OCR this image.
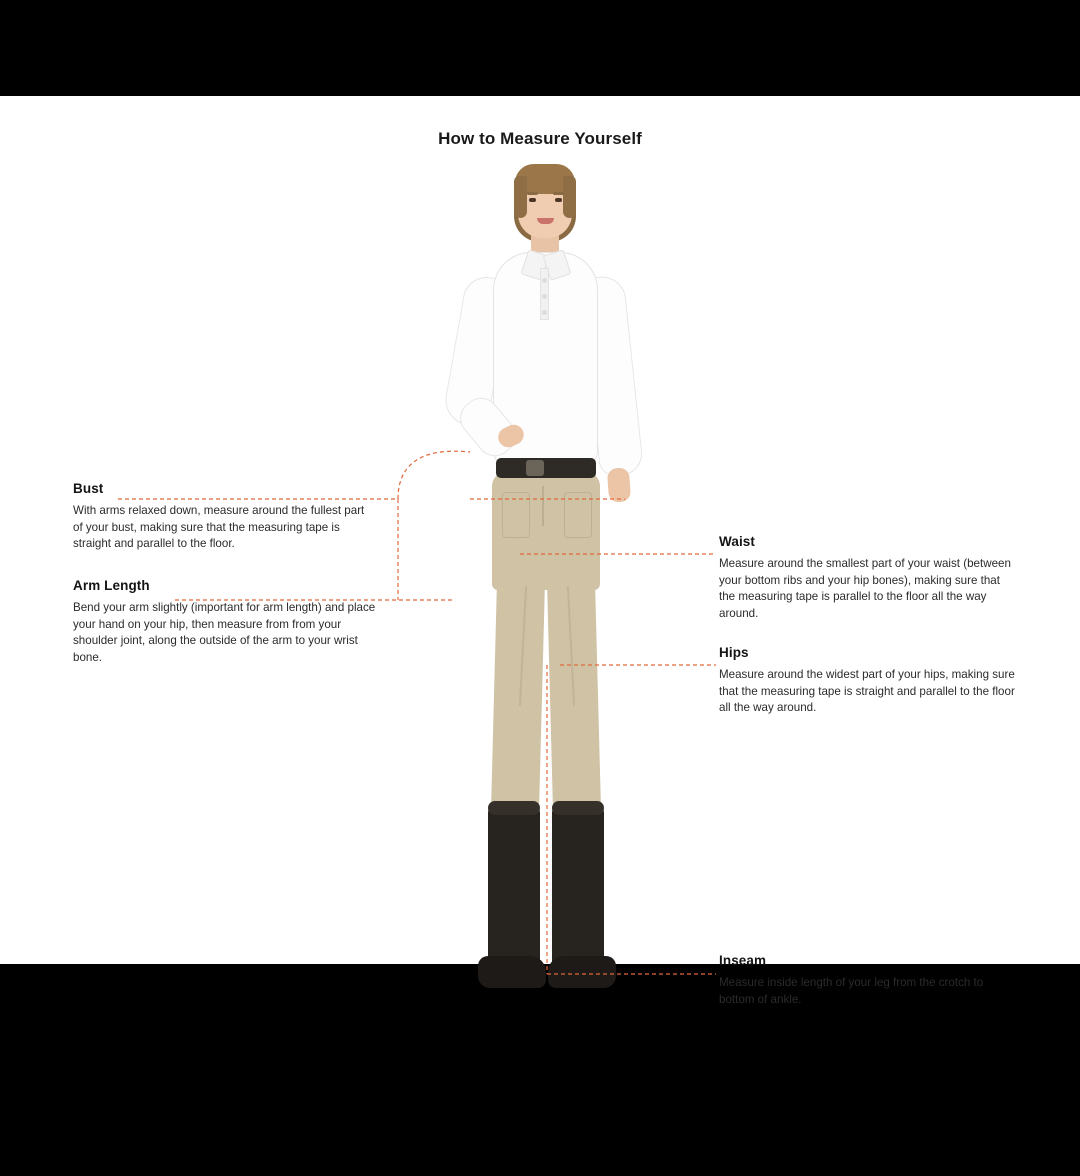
How to Measure Yourself
Bust

With arms relaxed down, measure around the fullest part of your bust, making sure that the measuring tape is straight and parallel to the floor.

Arm Length

Bend your arm slightly (important for arm length) and place your hand on your hip, then measure from from your shoulder joint, along the outside of the arm to your wrist bone.

Waist

Measure around the smallest part of your waist (between your bottom ribs and your hip bones), making sure that the measuring tape is parallel to the floor all the way around.

Hips

Measure around the widest part of your hips, making sure that the measuring tape is straight and parallel to the floor all the way around.

Inseam

Measure inside length of your leg from the crotch to bottom of ankle.
